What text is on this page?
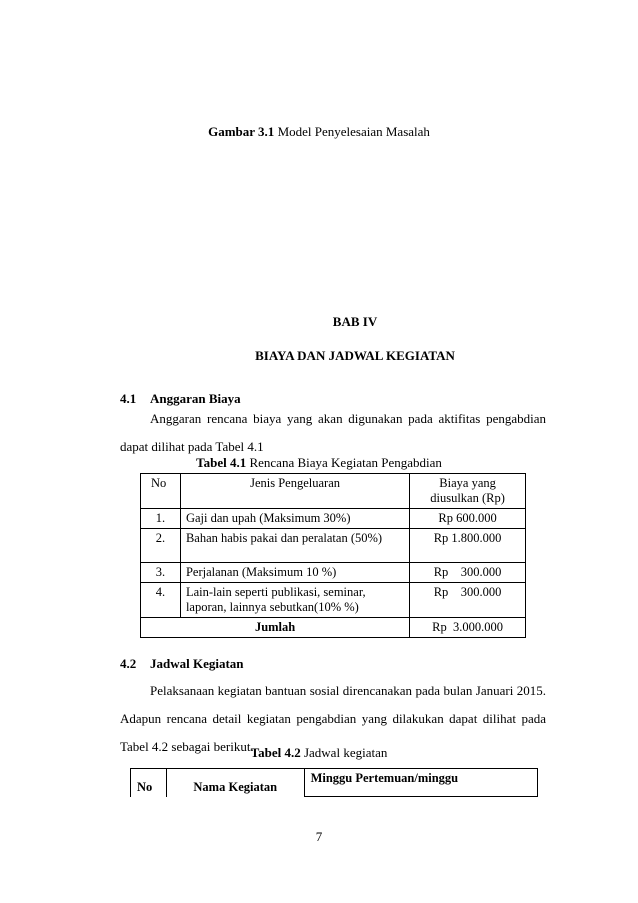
Gambar 3.1 Model Penyelesaian Masalah
BAB IV
BIAYA DAN JADWAL KEGIATAN
4.1 Anggaran Biaya
Anggaran rencana biaya yang akan digunakan pada aktifitas pengabdian dapat dilihat pada Tabel 4.1
Tabel 4.1 Rencana Biaya Kegiatan Pengabdian
No	Jenis Pengeluaran	Biaya yang diusulkan (Rp)
1.	Gaji dan upah (Maksimum 30%)	Rp 600.000
2.	Bahan habis pakai dan peralatan (50%)	Rp 1.800.000
3.	Perjalanan (Maksimum 10 %)	Rp    300.000
4.	Lain-lain seperti publikasi, seminar, laporan, lainnya sebutkan(10% %)	Rp    300.000
Jumlah		Rp  3.000.000
4.2 Jadwal Kegiatan
Pelaksanaan kegiatan bantuan sosial direncanakan pada bulan Januari 2015. Adapun rencana detail kegiatan pengabdian yang dilakukan dapat dilihat pada Tabel 4.2 sebagai berikut.
Tabel 4.2 Jadwal kegiatan
No	Nama Kegiatan	Minggu Pertemuan/minggu
7
